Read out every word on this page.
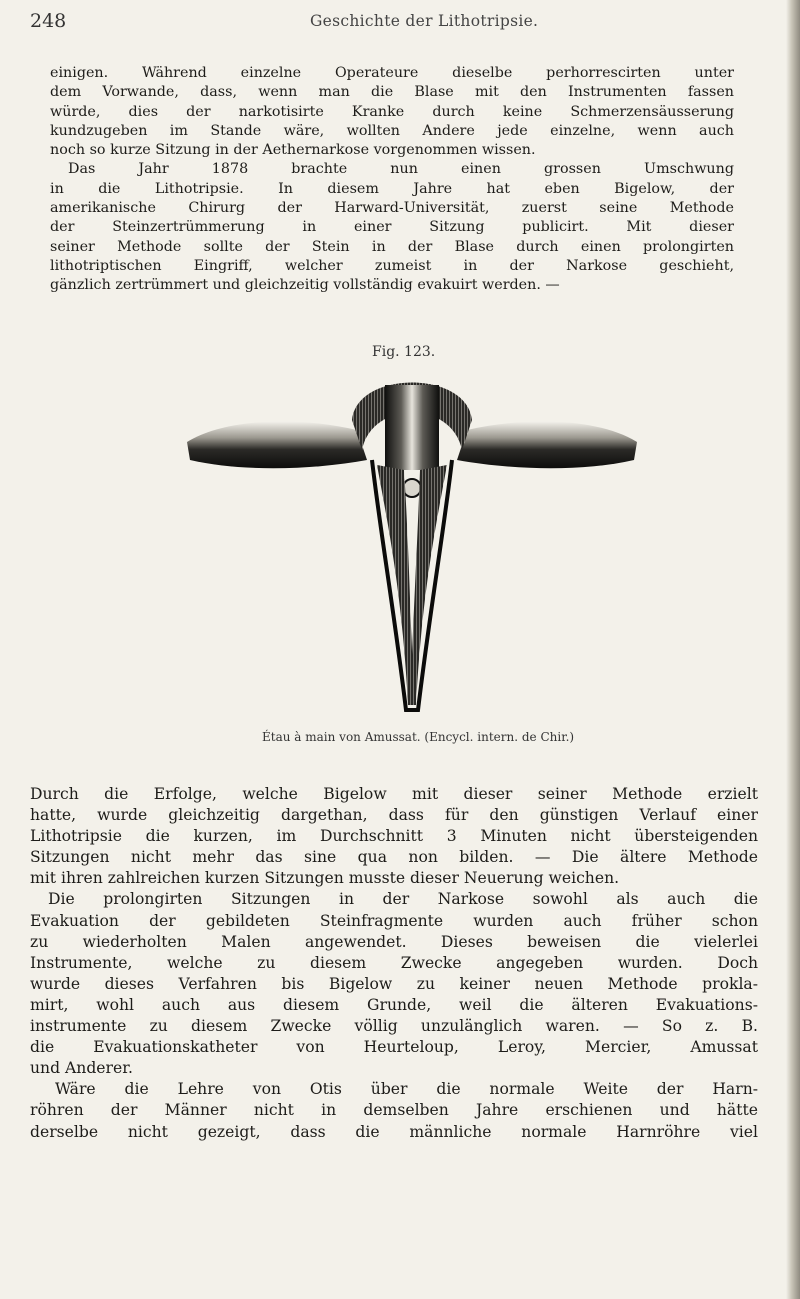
248	Geschichte der Lithotripsie.

einigen. Während einzelne Operateure dieselbe perhorrescirten unter
dem Vorwande, dass, wenn man die Blase mit den Instrumenten fassen
würde, dies der narkotisirte Kranke durch keine Schmerzensäusserung
kundzugeben im Stande wäre, wollten Andere jede einzelne, wenn auch
noch so kurze Sitzung in der Aethernarkose vorgenommen wissen.
Das Jahr 1878 brachte nun einen grossen Umschwung
in die Lithotripsie. In diesem Jahre hat eben Bigelow, der
amerikanische Chirurg der Harward-Universität, zuerst seine Methode
der Steinzertrümmerung in einer Sitzung publicirt. Mit dieser
seiner Methode sollte der Stein in der Blase durch einen prolongirten
lithotriptischen Eingriff, welcher zumeist in der Narkose geschieht,
gänzlich zertrümmert und gleichzeitig vollständig evakuirt werden. —

Fig. 123.
Étau à main von Amussat. (Encycl. intern. de Chir.)

Durch die Erfolge, welche Bigelow mit dieser seiner Methode erzielt
hatte, wurde gleichzeitig dargethan, dass für den günstigen Verlauf einer
Lithotripsie die kurzen, im Durchschnitt 3 Minuten nicht übersteigenden
Sitzungen nicht mehr das sine qua non bilden. — Die ältere Methode
mit ihren zahlreichen kurzen Sitzungen musste dieser Neuerung weichen.
Die prolongirten Sitzungen in der Narkose sowohl als auch die
Evakuation der gebildeten Steinfragmente wurden auch früher schon
zu wiederholten Malen angewendet. Dieses beweisen die vielerlei
Instrumente, welche zu diesem Zwecke angegeben wurden. Doch
wurde dieses Verfahren bis Bigelow zu keiner neuen Methode prokla-
mirt, wohl auch aus diesem Grunde, weil die älteren Evakuations-
instrumente zu diesem Zwecke völlig unzulänglich waren. — So z. B.
die Evakuationskatheter von Heurteloup, Leroy, Mercier, Amussat
und Anderer.
Wäre die Lehre von Otis über die normale Weite der Harn-
röhren der Männer nicht in demselben Jahre erschienen und hätte
derselbe nicht gezeigt, dass die männliche normale Harnröhre viel
